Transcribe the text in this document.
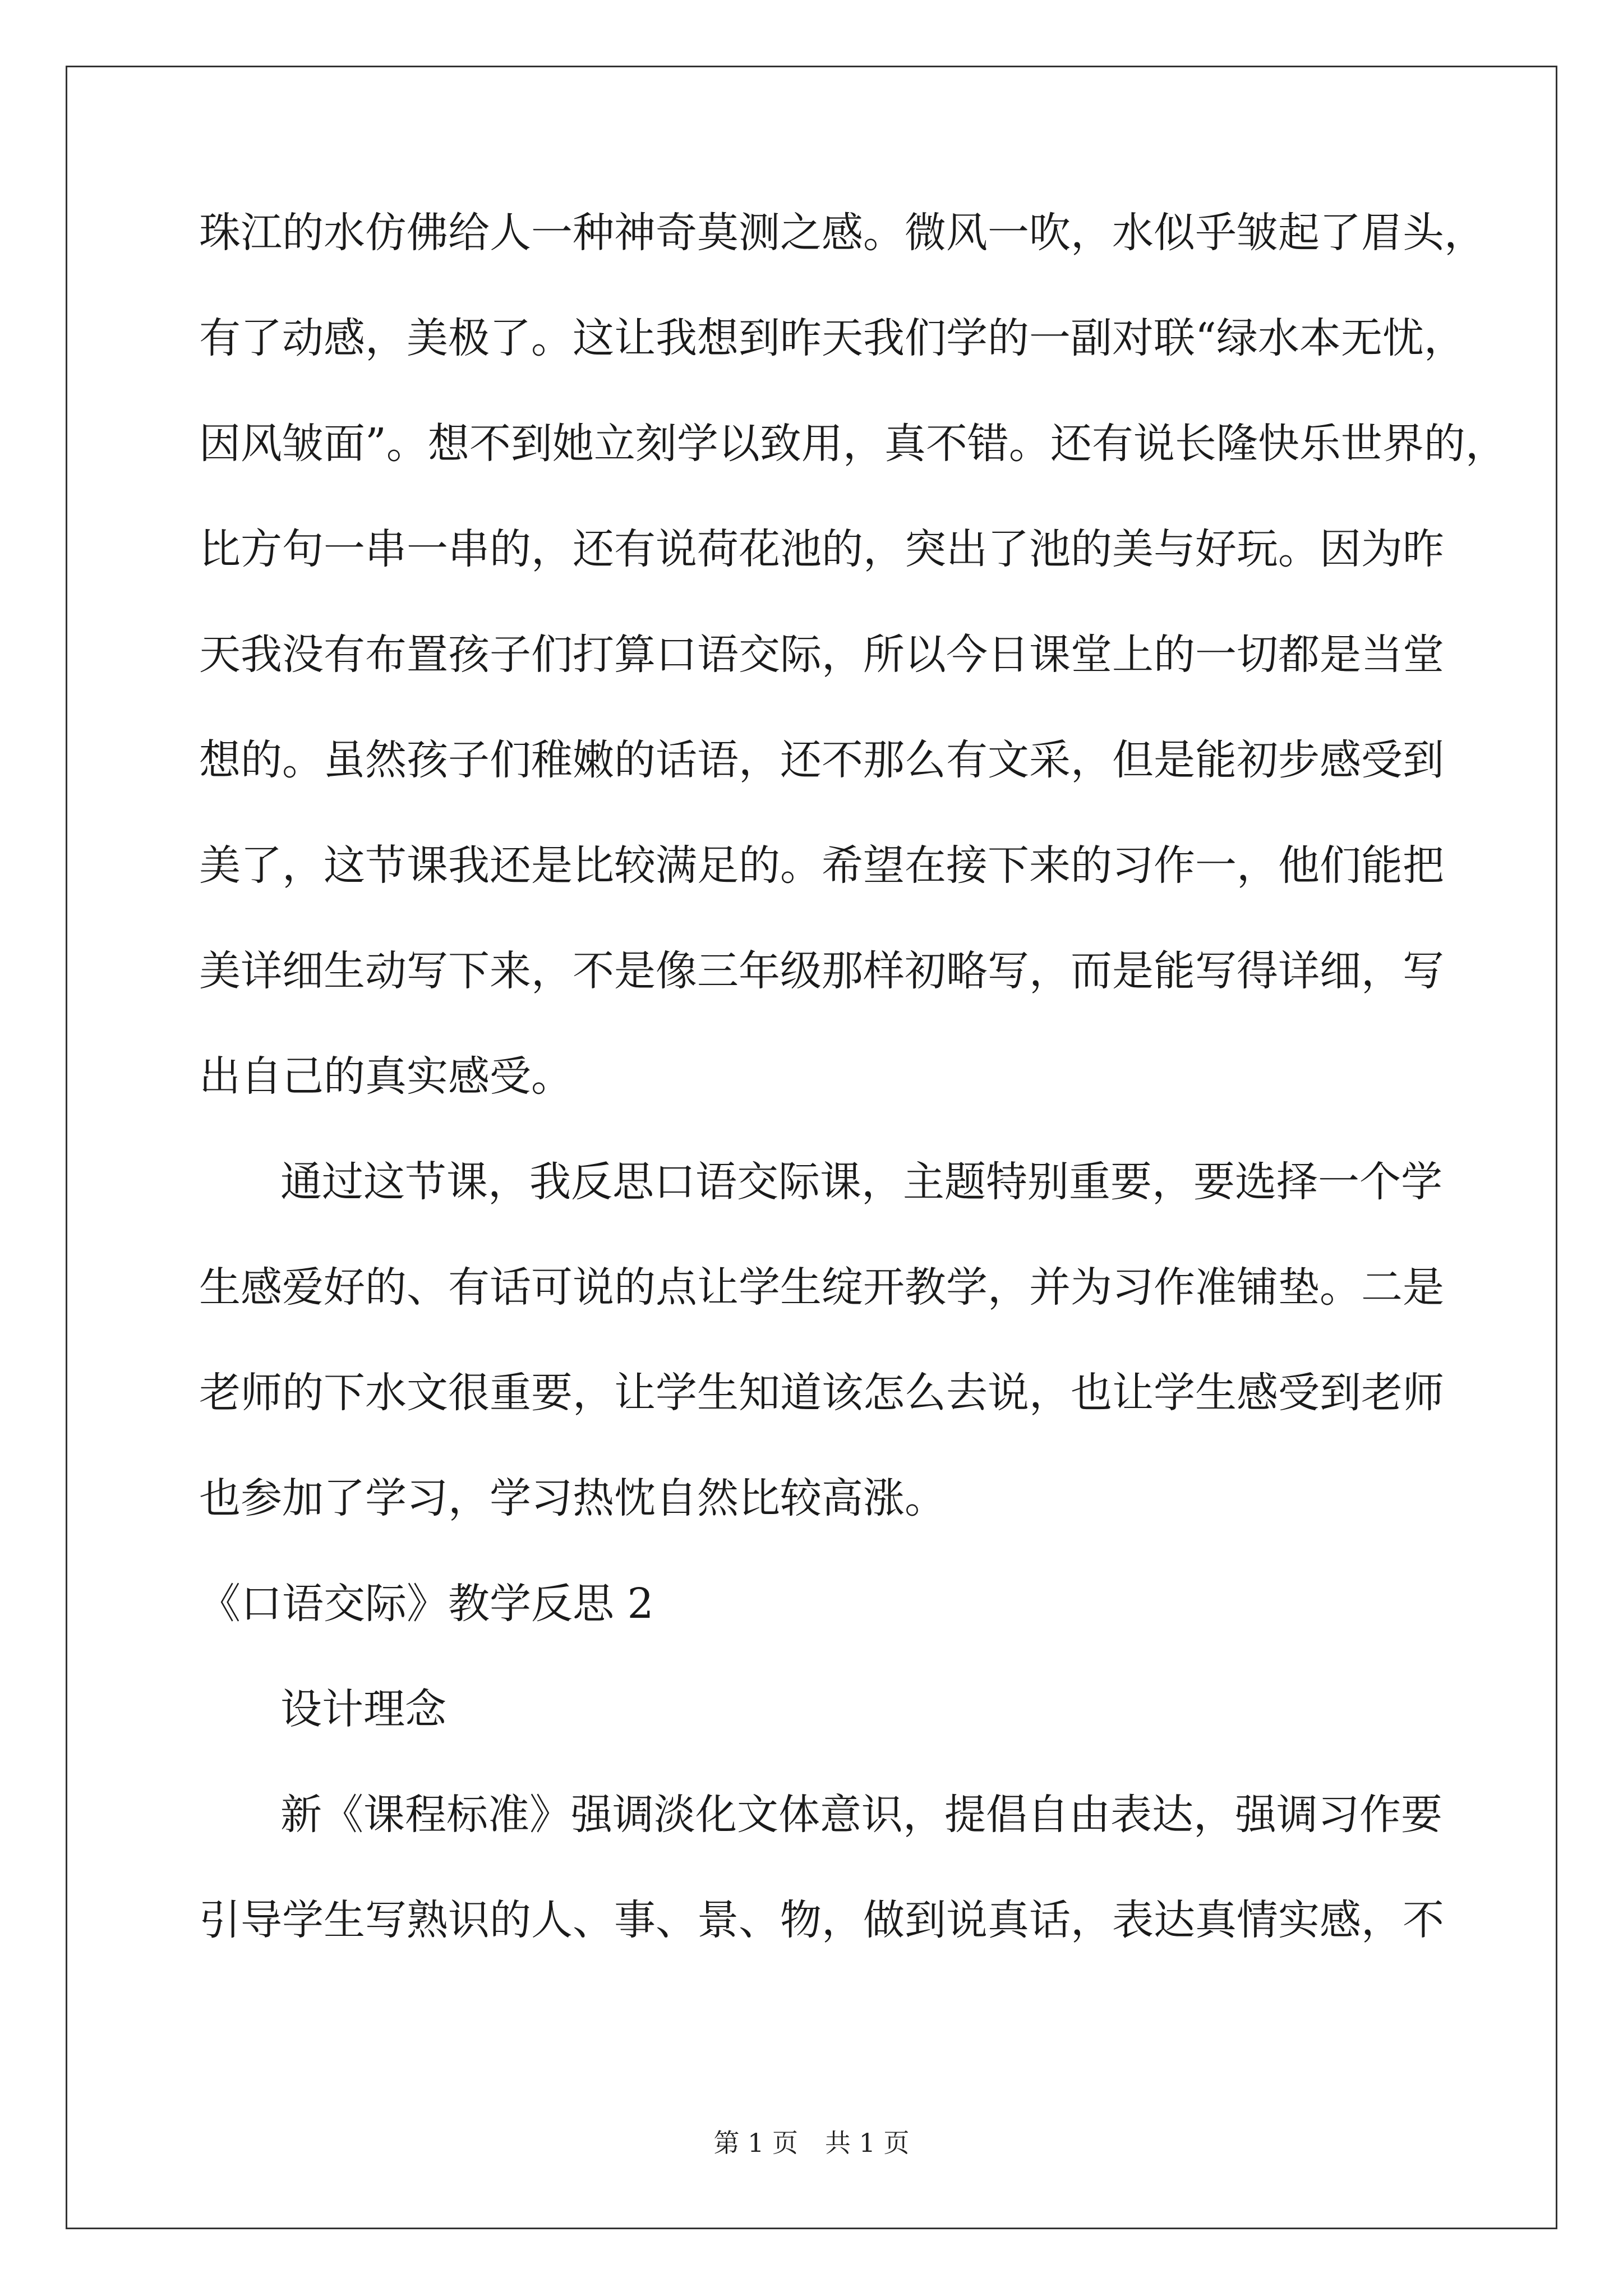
珠江的水仿佛给人一种神奇莫测之感。微风一吹，水似乎皱起了眉头，
有了动感，美极了。这让我想到昨天我们学的一副对联“绿水本无忧，
因风皱面”。想不到她立刻学以致用，真不错。还有说长隆快乐世界的，
比方句一串一串的，还有说荷花池的，突出了池的美与好玩。因为昨
天我没有布置孩子们打算口语交际，所以今日课堂上的一切都是当堂
想的。虽然孩子们稚嫩的话语，还不那么有文采，但是能初步感受到
美了，这节课我还是比较满足的。希望在接下来的习作一，他们能把
美详细生动写下来，不是像三年级那样初略写，而是能写得详细，写
出自己的真实感受。
通过这节课，我反思口语交际课，主题特别重要，要选择一个学
生感爱好的、有话可说的点让学生绽开教学，并为习作准铺垫。二是
老师的下水文很重要，让学生知道该怎么去说，也让学生感受到老师
也参加了学习，学习热忱自然比较高涨。
《口语交际》教学反思 2
设计理念
新《课程标准》强调淡化文体意识，提倡自由表达，强调习作要
引导学生写熟识的人、事、景、物，做到说真话，表达真情实感，不
第 1 页 共 1 页
